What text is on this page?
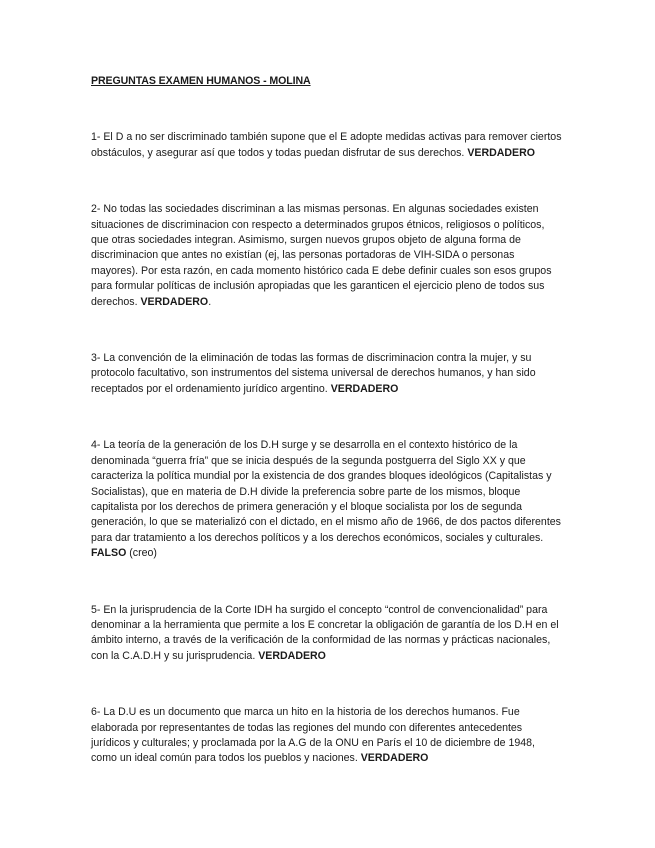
PREGUNTAS EXAMEN HUMANOS - MOLINA

1- El D a no ser discriminado también supone que el E adopte medidas activas para remover ciertos obstáculos, y asegurar así que todos y todas puedan disfrutar de sus derechos. VERDADERO

2- No todas las sociedades discriminan a las mismas personas. En algunas sociedades existen situaciones de discriminacion con respecto a determinados grupos étnicos, religiosos o políticos, que otras sociedades integran. Asimismo, surgen nuevos grupos objeto de alguna forma de discriminacion que antes no existían (ej, las personas portadoras de VIH-SIDA o personas mayores). Por esta razón, en cada momento histórico cada E debe definir cuales son esos grupos para formular políticas de inclusión apropiadas que les garanticen el ejercicio pleno de todos sus derechos. VERDADERO.

3- La convención de la eliminación de todas las formas de discriminacion contra la mujer, y su protocolo facultativo, son instrumentos del sistema universal de derechos humanos, y han sido receptados por el ordenamiento jurídico argentino. VERDADERO

4- La teoría de la generación de los D.H surge y se desarrolla en el contexto histórico de la denominada “guerra fría” que se inicia después de la segunda postguerra del Siglo XX y que caracteriza la política mundial por la existencia de dos grandes bloques ideológicos (Capitalistas y Socialistas), que en materia de D.H divide la preferencia sobre parte de los mismos, bloque capitalista por los derechos de primera generación y el bloque socialista por los de segunda generación, lo que se materializó con el dictado, en el mismo año de 1966, de dos pactos diferentes para dar tratamiento a los derechos políticos y a los derechos económicos, sociales y culturales. FALSO (creo)

5- En la jurisprudencia de la Corte IDH ha surgido el concepto “control de convencionalidad” para denominar a la herramienta que permite a los E concretar la obligación de garantía de los D.H en el ámbito interno, a través de la verificación de la conformidad de las normas y prácticas nacionales, con la C.A.D.H y su jurisprudencia. VERDADERO

6- La D.U es un documento que marca un hito en la historia de los derechos humanos. Fue elaborada por representantes de todas las regiones del mundo con diferentes antecedentes jurídicos y culturales; y proclamada por la A.G de la ONU en París el 10 de diciembre de 1948, como un ideal común para todos los pueblos y naciones. VERDADERO
